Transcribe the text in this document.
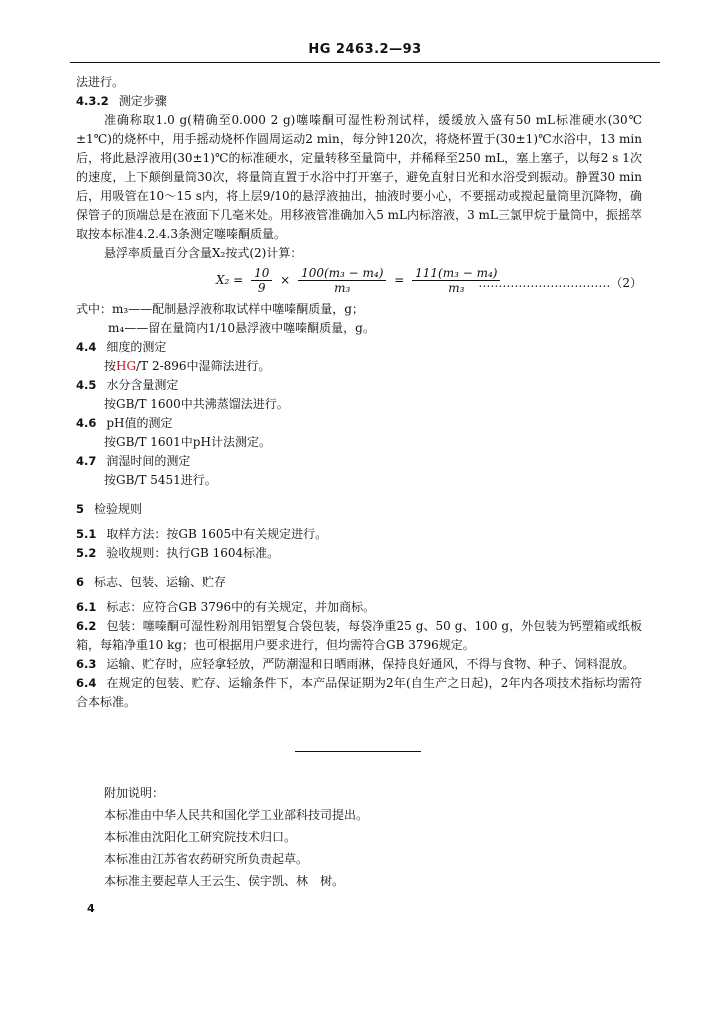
HG 2463.2—93

法进行。

4.3.2 测定步骤

准确称取1.0 g(精确至0.000 2 g)噻嗪酮可湿性粉剂试样，缓缓放入盛有50 mL标准硬水(30℃±1℃)的烧杯中，用手摇动烧杯作圆周运动2 min，每分钟120次，将烧杯置于(30±1)℃水浴中，13 min后，将此悬浮液用(30±1)℃的标准硬水，定量转移至量筒中，并稀释至250 mL，塞上塞子，以每2 s 1次的速度，上下颠倒量筒30次，将量筒直置于水浴中打开塞子，避免直射日光和水浴受到振动。静置30 min后，用吸管在10～15 s内，将上层9/10的悬浮液抽出，抽液时要小心，不要摇动或搅起量筒里沉降物，确保管子的顶端总是在液面下几毫米处。用移液管准确加入5 mL内标溶液，3 mL三氯甲烷于量筒中，振摇萃取按本标准4.2.4.3条测定噻嗪酮质量。

悬浮率质量百分含量X₂按式(2)计算：

$X_2 = \frac{10}{9} \times \frac{\text{100(m₃ − m₄)}}{\text{m₃}} = \frac{\text{111(m₃ − m₄)}}{\text{m₃}}$
……………………………（2）

式中：m₃——配制悬浮液称取试样中噻嗪酮质量，g；

m₄——留在量筒内1/10悬浮液中噻嗪酮质量，g。

4.4 细度的测定

按HG/T 2-896中湿筛法进行。

4.5 水分含量测定

按GB/T 1600中共沸蒸馏法进行。

4.6 pH值的测定

按GB/T 1601中pH计法测定。

4.7 润湿时间的测定

按GB/T 5451进行。

5 检验规则

5.1 取样方法：按GB 1605中有关规定进行。

5.2 验收规则：执行GB 1604标准。

6 标志、包装、运输、贮存

6.1 标志：应符合GB 3796中的有关规定，并加商标。

6.2 包装：噻嗪酮可湿性粉剂用铝塑复合袋包装，每袋净重25 g、50 g、100 g，外包装为钙塑箱或纸板箱，每箱净重10 kg；也可根据用户要求进行，但均需符合GB 3796规定。

6.3 运输、贮存时，应轻拿轻放，严防潮湿和日晒雨淋，保持良好通风，不得与食物、种子、饲料混放。

6.4 在规定的包装、贮存、运输条件下，本产品保证期为2年(自生产之日起)，2年内各项技术指标均需符合本标准。

附加说明：

本标准由中华人民共和国化学工业部科技司提出。

本标准由沈阳化工研究院技术归口。

本标准由江苏省农药研究所负责起草。

本标准主要起草人王云生、侯宇凯、林　树。

4
